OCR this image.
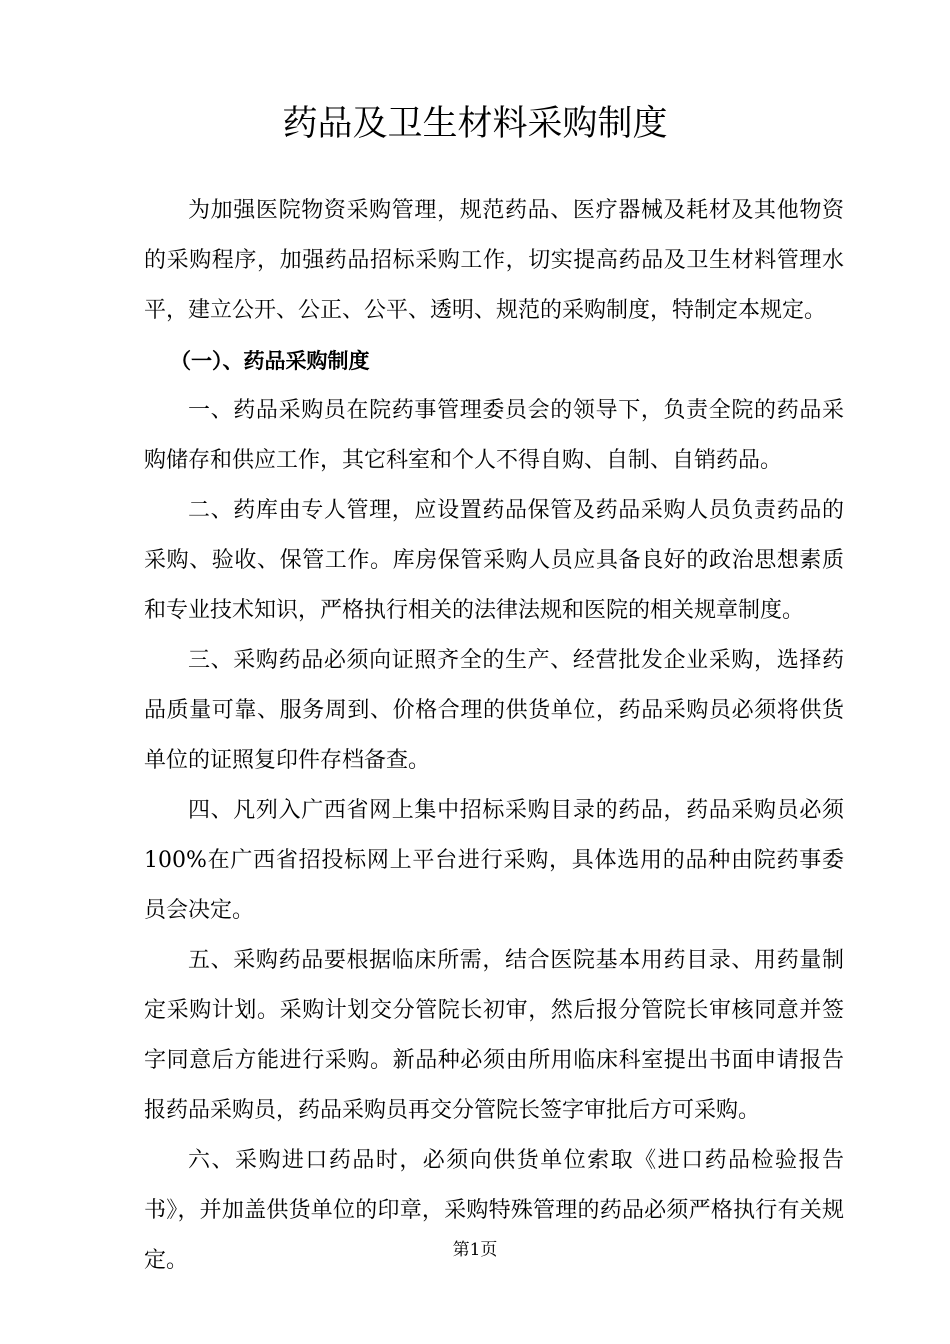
药品及卫生材料采购制度

为加强医院物资采购管理，规范药品、医疗器械及耗材及其他物资的采购程序，加强药品招标采购工作，切实提高药品及卫生材料管理水平，建立公开、公正、公平、透明、规范的采购制度，特制定本规定。

（一）、药品采购制度

一、药品采购员在院药事管理委员会的领导下，负责全院的药品采购储存和供应工作，其它科室和个人不得自购、自制、自销药品。

二、药库由专人管理，应设置药品保管及药品采购人员负责药品的采购、验收、保管工作。库房保管采购人员应具备良好的政治思想素质和专业技术知识，严格执行相关的法律法规和医院的相关规章制度。

三、采购药品必须向证照齐全的生产、经营批发企业采购，选择药品质量可靠、服务周到、价格合理的供货单位，药品采购员必须将供货单位的证照复印件存档备查。

四、凡列入广西省网上集中招标采购目录的药品，药品采购员必须100%在广西省招投标网上平台进行采购，具体选用的品种由院药事委员会决定。

五、采购药品要根据临床所需，结合医院基本用药目录、用药量制定采购计划。采购计划交分管院长初审，然后报分管院长审核同意并签字同意后方能进行采购。新品种必须由所用临床科室提出书面申请报告报药品采购员，药品采购员再交分管院长签字审批后方可采购。

六、采购进口药品时，必须向供货单位索取《进口药品检验报告书》，并加盖供货单位的印章，采购特殊管理的药品必须严格执行有关规定。	第1页
